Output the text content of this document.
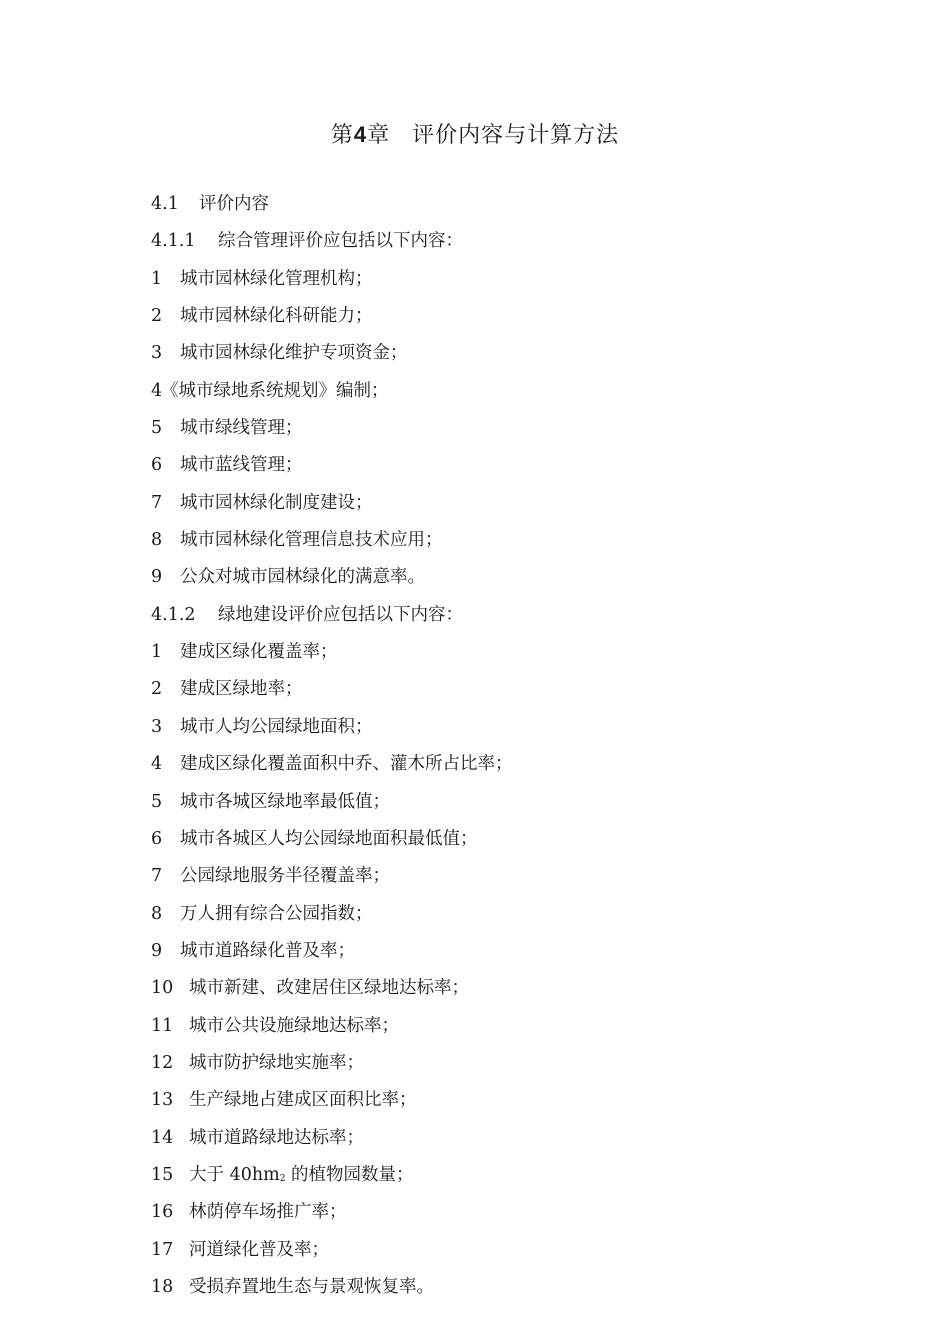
第4章 评价内容与计算方法
4.1 评价内容
4.1.1 综合管理评价应包括以下内容：
1 城市园林绿化管理机构；
2 城市园林绿化科研能力；
3 城市园林绿化维护专项资金；
4《城市绿地系统规划》编制；
5 城市绿线管理；
6 城市蓝线管理；
7 城市园林绿化制度建设；
8 城市园林绿化管理信息技术应用；
9 公众对城市园林绿化的满意率。
4.1.2 绿地建设评价应包括以下内容：
1 建成区绿化覆盖率；
2 建成区绿地率；
3 城市人均公园绿地面积；
4 建成区绿化覆盖面积中乔、灌木所占比率；
5 城市各城区绿地率最低值；
6 城市各城区人均公园绿地面积最低值；
7 公园绿地服务半径覆盖率；
8 万人拥有综合公园指数；
9 城市道路绿化普及率；
10 城市新建、改建居住区绿地达标率；
11 城市公共设施绿地达标率；
12 城市防护绿地实施率；
13 生产绿地占建成区面积比率；
14 城市道路绿地达标率；
15 大于 $40hm^2$ 的植物园数量；
16 林荫停车场推广率；
17 河道绿化普及率；
18 受损弃置地生态与景观恢复率。
